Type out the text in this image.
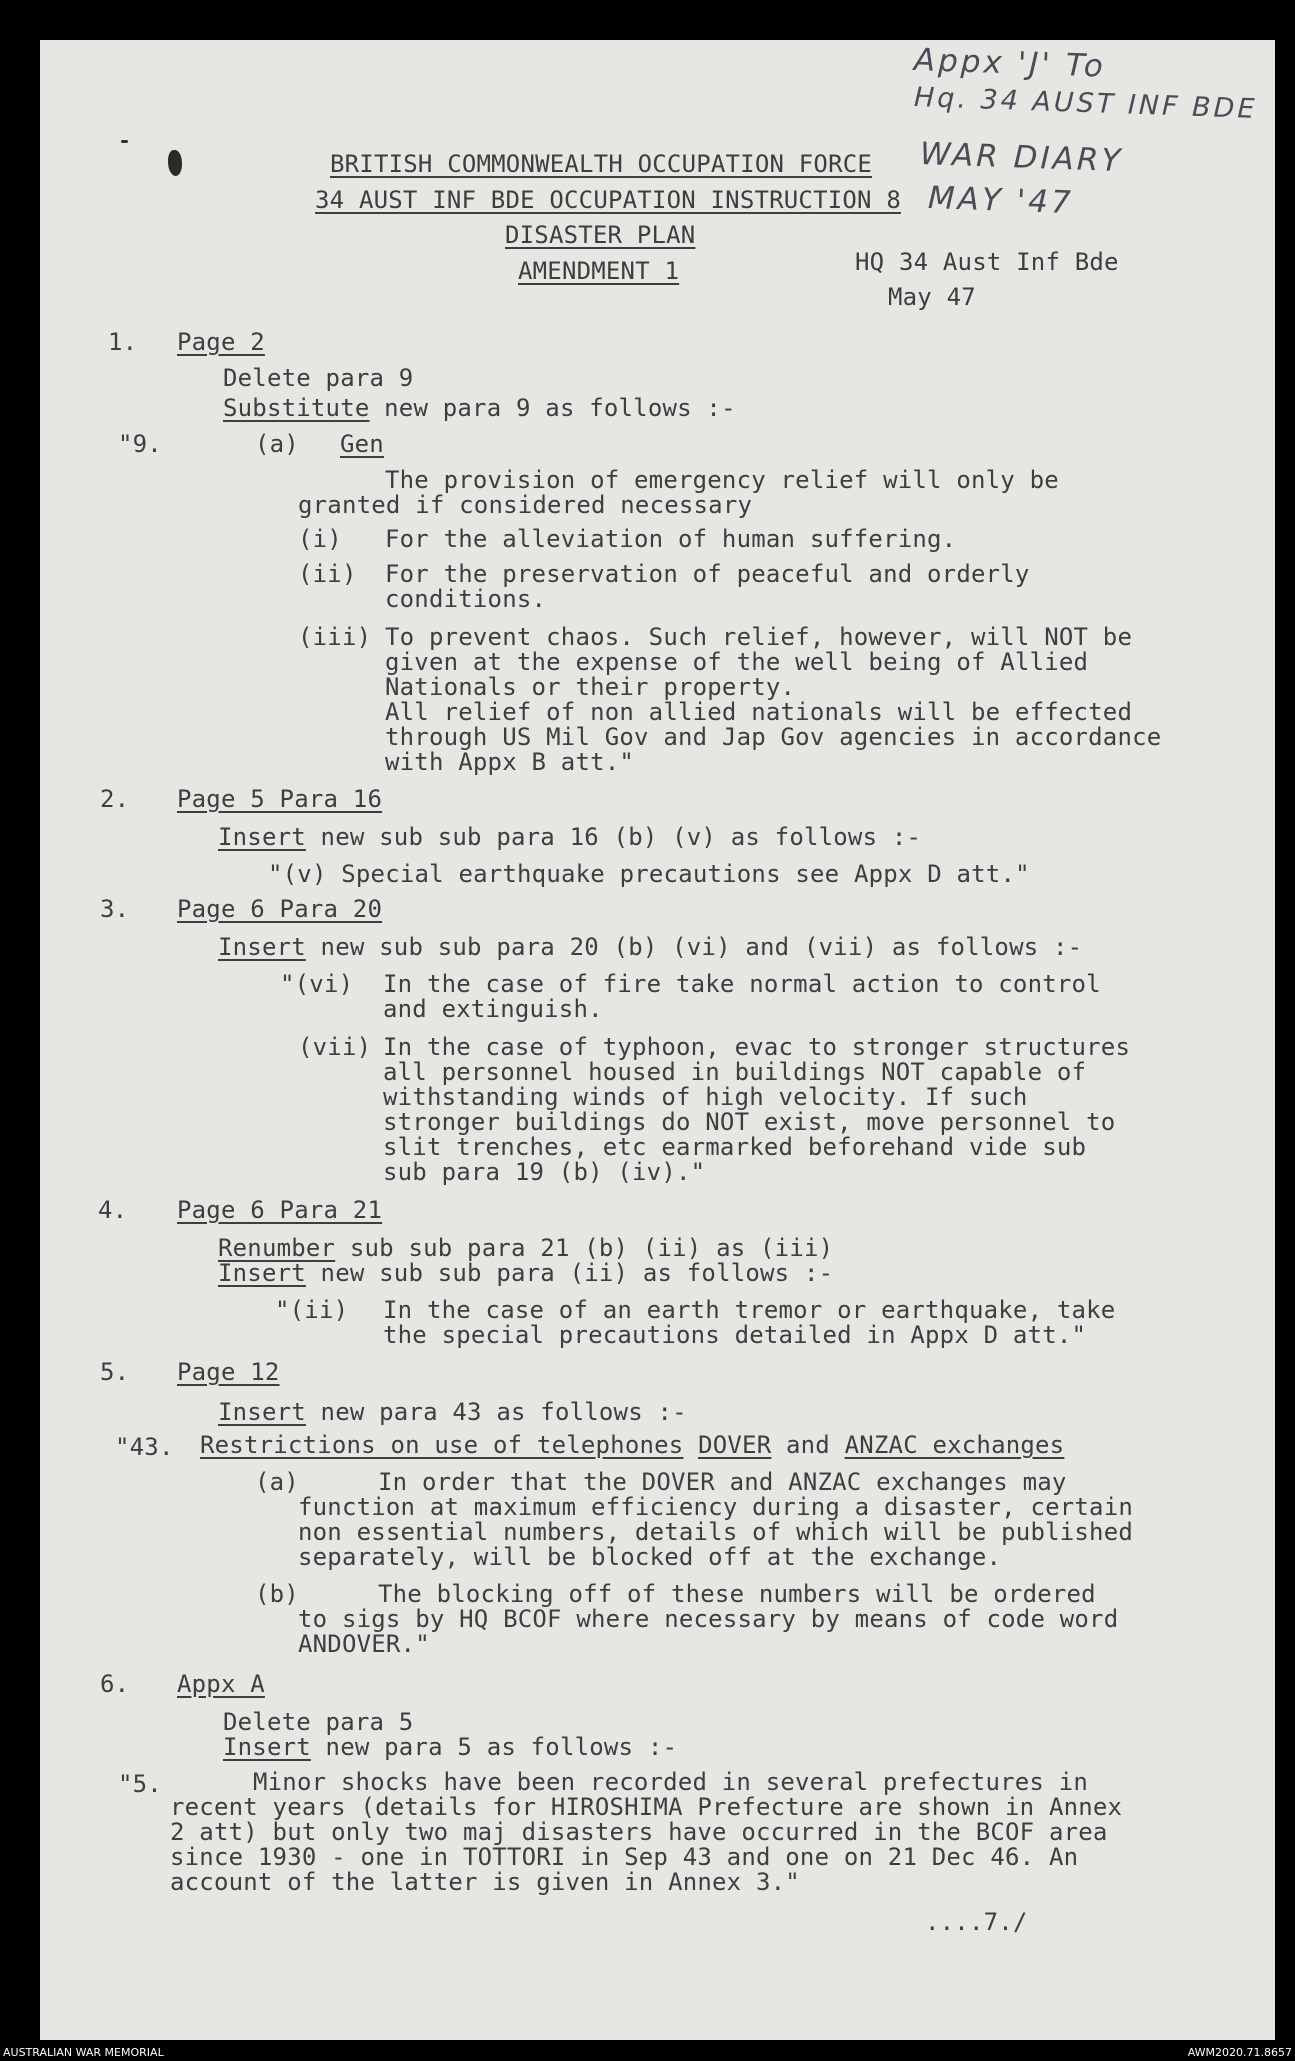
Appx 'J' To
Hq. 34 AUST INF BDE
WAR DIARY
MAY '47
BRITISH COMMONWEALTH OCCUPATION FORCE
34 AUST INF BDE OCCUPATION INSTRUCTION 8
DISASTER PLAN
AMENDMENT 1	HQ 34 Aust Inf Bde
May 47
1. Page 2
Delete para 9
Substitute new para 9 as follows :-
"9.	(a) Gen
The provision of emergency relief will only be
granted if considered necessary
(i) For the alleviation of human suffering.
(ii) For the preservation of peaceful and orderly
conditions.
(iii) To prevent chaos. Such relief, however, will NOT be
given at the expense of the well being of Allied
Nationals or their property.
All relief of non allied nationals will be effected
through US Mil Gov and Jap Gov agencies in accordance
with Appx B att."
2. Page 5 Para 16
Insert new sub sub para 16 (b) (v) as follows :-
"(v) Special earthquake precautions see Appx D att."
3. Page 6 Para 20
Insert new sub sub para 20 (b) (vi) and (vii) as follows :-
"(vi) In the case of fire take normal action to control
and extinguish.
(vii) In the case of typhoon, evac to stronger structures
all personnel housed in buildings NOT capable of
withstanding winds of high velocity. If such
stronger buildings do NOT exist, move personnel to
slit trenches, etc earmarked beforehand vide sub
sub para 19 (b) (iv)."
4. Page 6 Para 21
Renumber sub sub para 21 (b) (ii) as (iii)
Insert new sub sub para (ii) as follows :-
"(ii) In the case of an earth tremor or earthquake, take
the special precautions detailed in Appx D att."
5. Page 12
Insert new para 43 as follows :-
"43. Restrictions on use of telephones DOVER and ANZAC exchanges
(a)	In order that the DOVER and ANZAC exchanges may
function at maximum efficiency during a disaster, certain
non essential numbers, details of which will be published
separately, will be blocked off at the exchange.
(b)	The blocking off of these numbers will be ordered
to sigs by HQ BCOF where necessary by means of code word
ANDOVER."
6. Appx A
Delete para 5
Insert new para 5 as follows :-
"5.	Minor shocks have been recorded in several prefectures in
recent years (details for HIROSHIMA Prefecture are shown in Annex
2 att) but only two maj disasters have occurred in the BCOF area
since 1930 - one in TOTTORI in Sep 43 and one on 21 Dec 46. An
account of the latter is given in Annex 3."
....7./
AUSTRALIAN WAR MEMORIAL	AWM2020.71.8657
